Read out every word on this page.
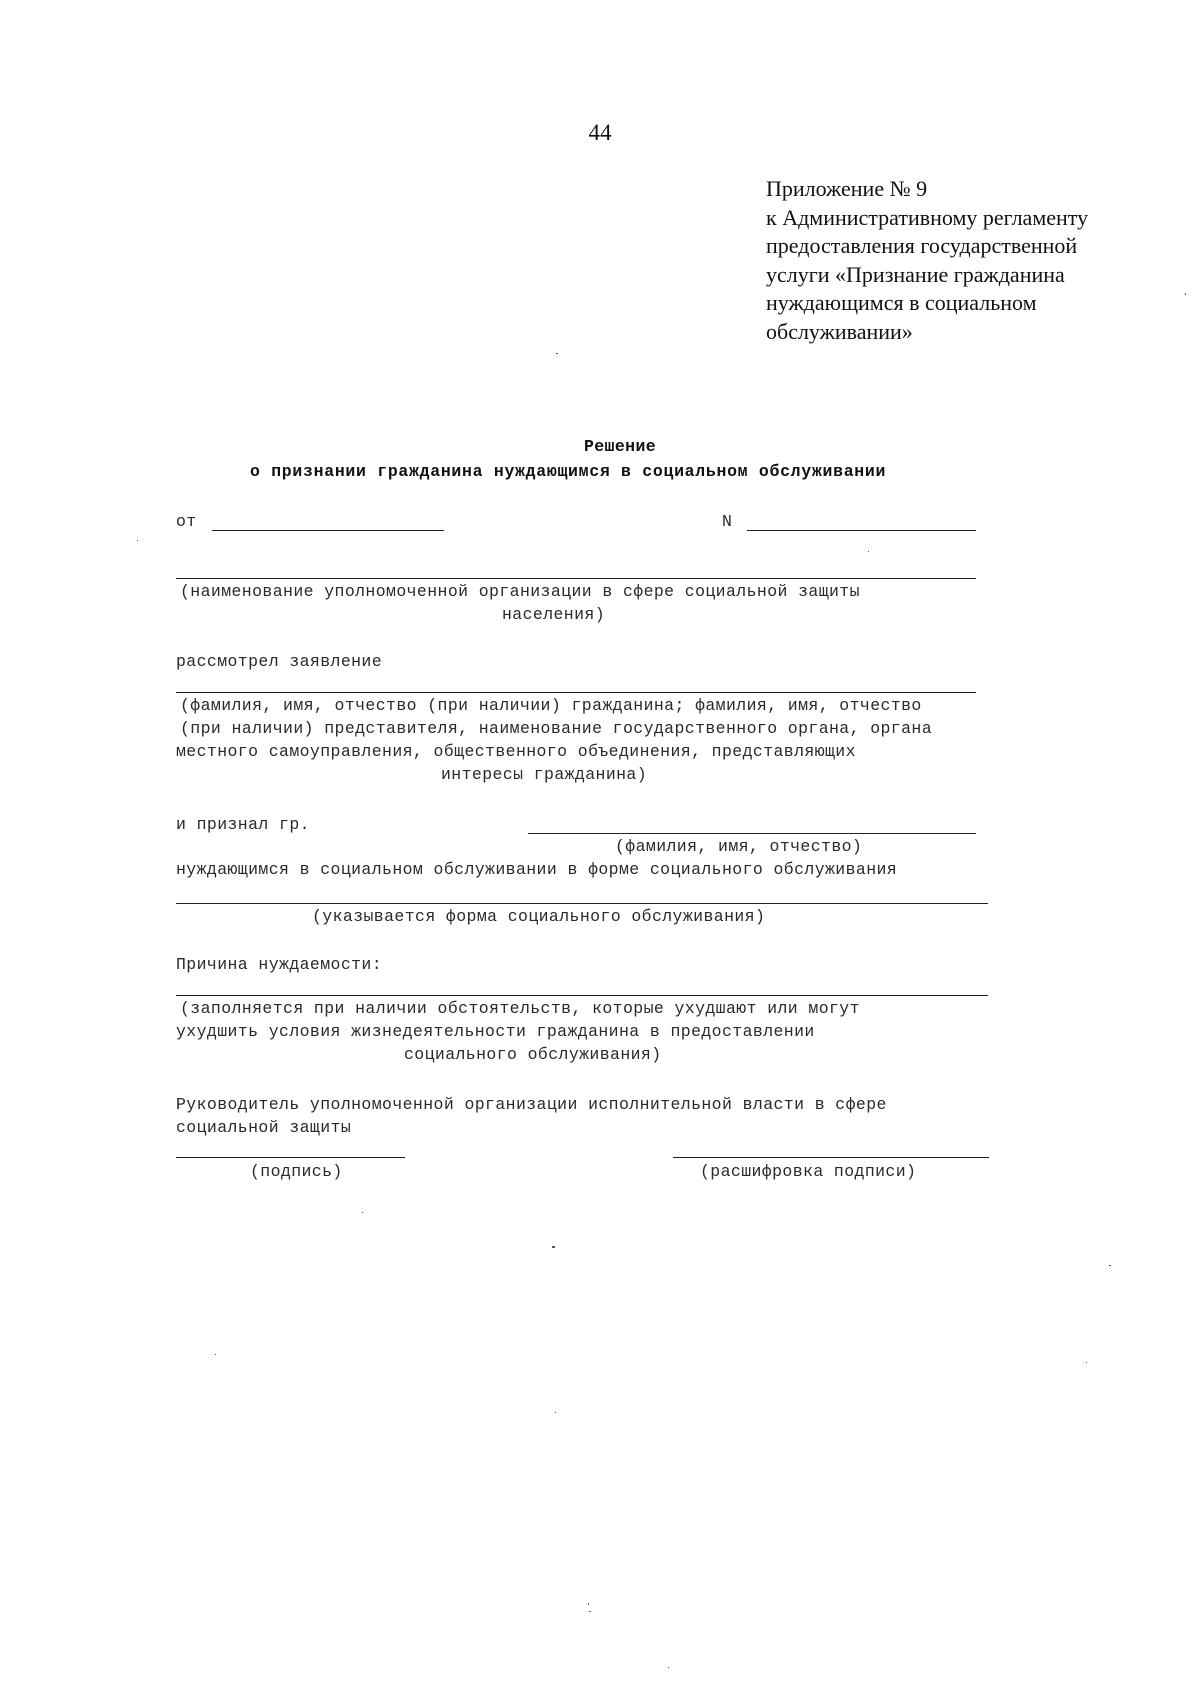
44
Приложение № 9
к Административному регламенту
предоставления государственной
услуги «Признание гражданина
нуждающимся в социальном
обслуживании»
Решение
о признании гражданина нуждающимся в социальном обслуживании
от	N
(наименование уполномоченной организации в сфере социальной защиты
населения)
рассмотрел заявление
(фамилия, имя, отчество (при наличии) гражданина; фамилия, имя, отчество
(при наличии) представителя, наименование государственного органа, органа
местного самоуправления, общественного объединения, представляющих
интересы гражданина)
и признал гр.
(фамилия, имя, отчество)
нуждающимся в социальном обслуживании в форме социального обслуживания
(указывается форма социального обслуживания)
Причина нуждаемости:
(заполняется при наличии обстоятельств, которые ухудшают или могут
ухудшить условия жизнедеятельности гражданина в предоставлении
социального обслуживания)
Руководитель уполномоченной организации исполнительной власти в сфере
социальной защиты
(подпись)	(расшифровка подписи)
